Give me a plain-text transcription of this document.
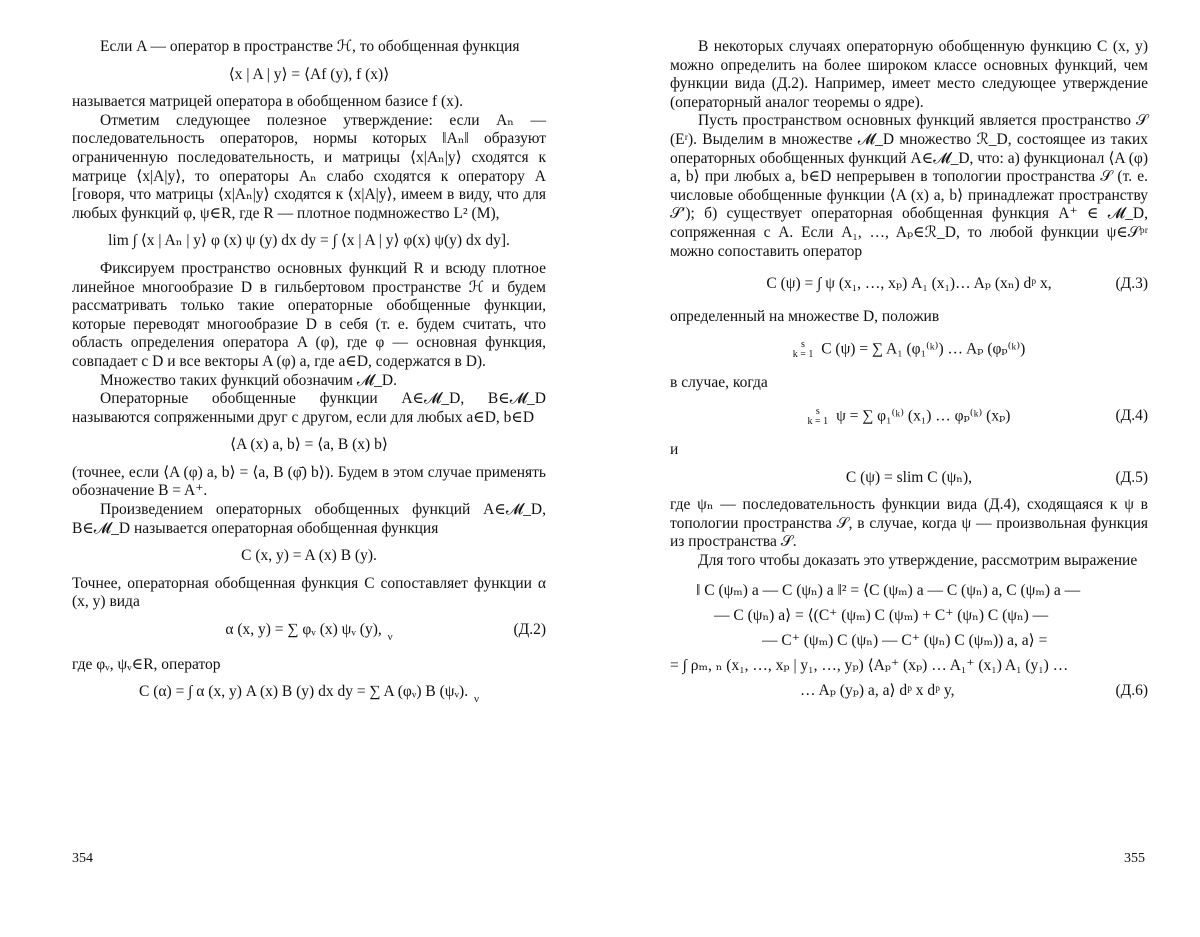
Если A — оператор в пространстве ℋ, то обобщенная функция

⟨x | A | y⟩ = ⟨Af (y), f (x)⟩

называется матрицей оператора в обобщенном базисе f (x).

Отметим следующее полезное утверждение: если Aₙ — последовательность операторов, нормы которых ‖Aₙ‖ образуют ограниченную последовательность, и матрицы ⟨x|Aₙ|y⟩ сходятся к матрице ⟨x|A|y⟩, то операторы Aₙ слабо сходятся к оператору A [говоря, что матрицы ⟨x|Aₙ|y⟩ сходятся к ⟨x|A|y⟩, имеем в виду, что для любых функций φ, ψ∈R, где R — плотное подмножество L² (M),

lim ∫ ⟨x | Aₙ | y⟩ φ (x) ψ (y) dx dy = ∫ ⟨x | A | y⟩ φ(x) ψ(y) dx dy].

Фиксируем пространство основных функций R и всюду плотное линейное многообразие D в гильбертовом пространстве ℋ и будем рассматривать только такие операторные обобщенные функции, которые переводят многообразие D в себя (т. е. будем считать, что область определения оператора A (φ), где φ — основная функция, совпадает с D и все векторы A (φ) a, где a∈D, содержатся в D).

Множество таких функций обозначим 𝓜_D.

Операторные обобщенные функции A∈𝓜_D, B∈𝓜_D называются сопряженными друг с другом, если для любых a∈D, b∈D

⟨A (x) a, b⟩ = ⟨a, B (x) b⟩

(точнее, если ⟨A (φ) a, b⟩ = ⟨a, B (φ̄) b⟩). Будем в этом случае применять обозначение B = A⁺.

Произведением операторных обобщенных функций A∈𝓜_D, B∈𝓜_D называется операторная обобщенная функция

C (x, y) = A (x) B (y).

Точнее, операторная обобщенная функция C сопоставляет функции α (x, y) вида

α (x, y) = ∑ φᵥ (x) ψᵥ (y), $_\nu$	(Д.2)

где φᵥ, ψᵥ∈R, оператор

C (α) = ∫ α (x, y) A (x) B (y) dx dy = ∑ A (φᵥ) B (ψᵥ). $_\nu$

В некоторых случаях операторную обобщенную функцию C (x, y) можно определить на более широком классе основных функций, чем функции вида (Д.2). Например, имеет место следующее утверждение (операторный аналог теоремы о ядре).

Пусть пространством основных функций является пространство 𝒮 (Eʳ). Выделим в множестве 𝓜_D множество ℛ_D, состоящее из таких операторных обобщенных функций A∈𝓜_D, что: а) функционал ⟨A (φ) a, b⟩ при любых a, b∈D непрерывен в топологии пространства 𝒮 (т. е. числовые обобщенные функции ⟨A (x) a, b⟩ принадлежат пространству 𝒮′); б) существует операторная обобщенная функция A⁺ ∈ 𝓜_D, сопряженная с A. Если A₁, …, Aₚ∈ℛ_D, то любой функции ψ∈𝒮ᵖʳ можно сопоставить оператор

C (ψ) = ∫ ψ (x₁, …, xₚ) A₁ (x₁)… Aₚ (xₙ) dᵖ x,	(Д.3)

определенный на множестве D, положив

s
k = 1 C (ψ) = ∑ A₁ (φ₁⁽ᵏ⁾) … Aₚ (φₚ⁽ᵏ⁾)

в случае, когда

s
k = 1 ψ = ∑ φ₁⁽ᵏ⁾ (x₁) … φₚ⁽ᵏ⁾ (xₚ)	(Д.4)

и

C (ψ) = slim C (ψₙ),	(Д.5)

где ψₙ — последовательность функции вида (Д.4), сходящаяся к ψ в топологии пространства 𝒮, в случае, когда ψ — произвольная функция из пространства 𝒮.

Для того чтобы доказать это утверждение, рассмотрим выражение

‖ C (ψₘ) a — C (ψₙ) a ‖² = ⟨C (ψₘ) a — C (ψₙ) a, C (ψₘ) a —
— C (ψₙ) a⟩ = ⟨(C⁺ (ψₘ) C (ψₘ) + C⁺ (ψₙ) C (ψₙ) —
— C⁺ (ψₘ) C (ψₙ) — C⁺ (ψₙ) C (ψₘ)) a, a⟩ =
= ∫ ρₘ, ₙ (x₁, …, xₚ | y₁, …, yₚ) ⟨Aₚ⁺ (xₚ) … A₁⁺ (x₁) A₁ (y₁) …
… Aₚ (yₚ) a, a⟩ dᵖ x dᵖ y,	(Д.6)
354	355
